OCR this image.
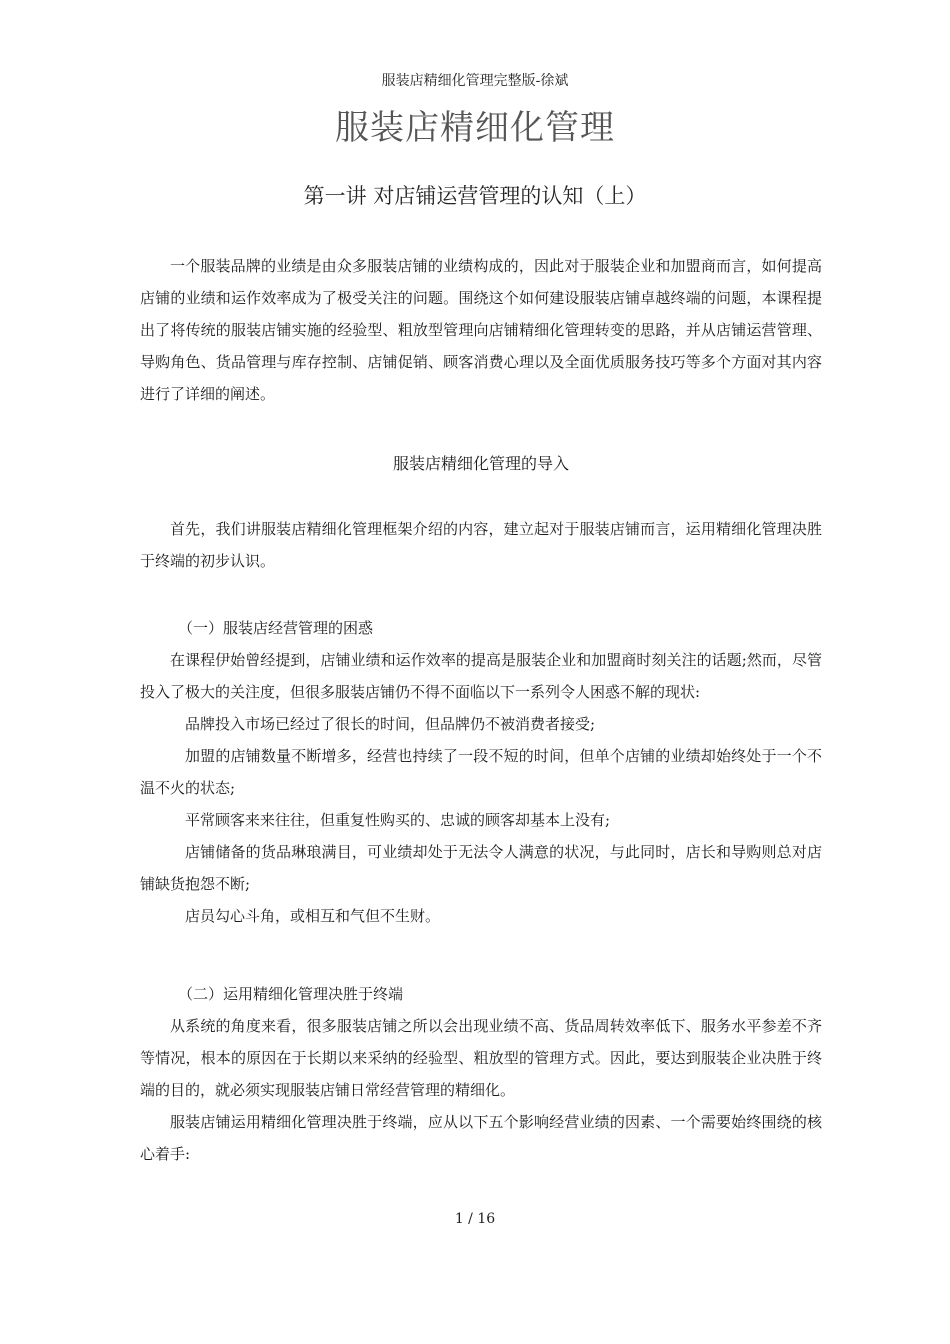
服装店精细化管理完整版-徐斌
服装店精细化管理
第一讲 对店铺运营管理的认知（上）

一个服装品牌的业绩是由众多服装店铺的业绩构成的，因此对于服装企业和加盟商而言，如何提高店铺的业绩和运作效率成为了极受关注的问题。围绕这个如何建设服装店铺卓越终端的问题，本课程提出了将传统的服装店铺实施的经验型、粗放型管理向店铺精细化管理转变的思路，并从店铺运营管理、导购角色、货品管理与库存控制、店铺促销、顾客消费心理以及全面优质服务技巧等多个方面对其内容进行了详细的阐述。

服装店精细化管理的导入

首先，我们讲服装店精细化管理框架介绍的内容，建立起对于服装店铺而言，运用精细化管理决胜于终端的初步认识。

（一）服装店经营管理的困惑

在课程伊始曾经提到，店铺业绩和运作效率的提高是服装企业和加盟商时刻关注的话题;然而，尽管投入了极大的关注度，但很多服装店铺仍不得不面临以下一系列令人困惑不解的现状:

品牌投入市场已经过了很长的时间，但品牌仍不被消费者接受;

加盟的店铺数量不断增多，经营也持续了一段不短的时间，但单个店铺的业绩却始终处于一个不温不火的状态;

平常顾客来来往往，但重复性购买的、忠诚的顾客却基本上没有;

店铺储备的货品琳琅满目，可业绩却处于无法令人满意的状况，与此同时，店长和导购则总对店铺缺货抱怨不断;

店员勾心斗角，或相互和气但不生财。

（二）运用精细化管理决胜于终端

从系统的角度来看，很多服装店铺之所以会出现业绩不高、货品周转效率低下、服务水平参差不齐等情况，根本的原因在于长期以来采纳的经验型、粗放型的管理方式。因此，要达到服装企业决胜于终端的目的，就必须实现服装店铺日常经营管理的精细化。

服装店铺运用精细化管理决胜于终端，应从以下五个影响经营业绩的因素、一个需要始终围绕的核心着手:

1 / 16
